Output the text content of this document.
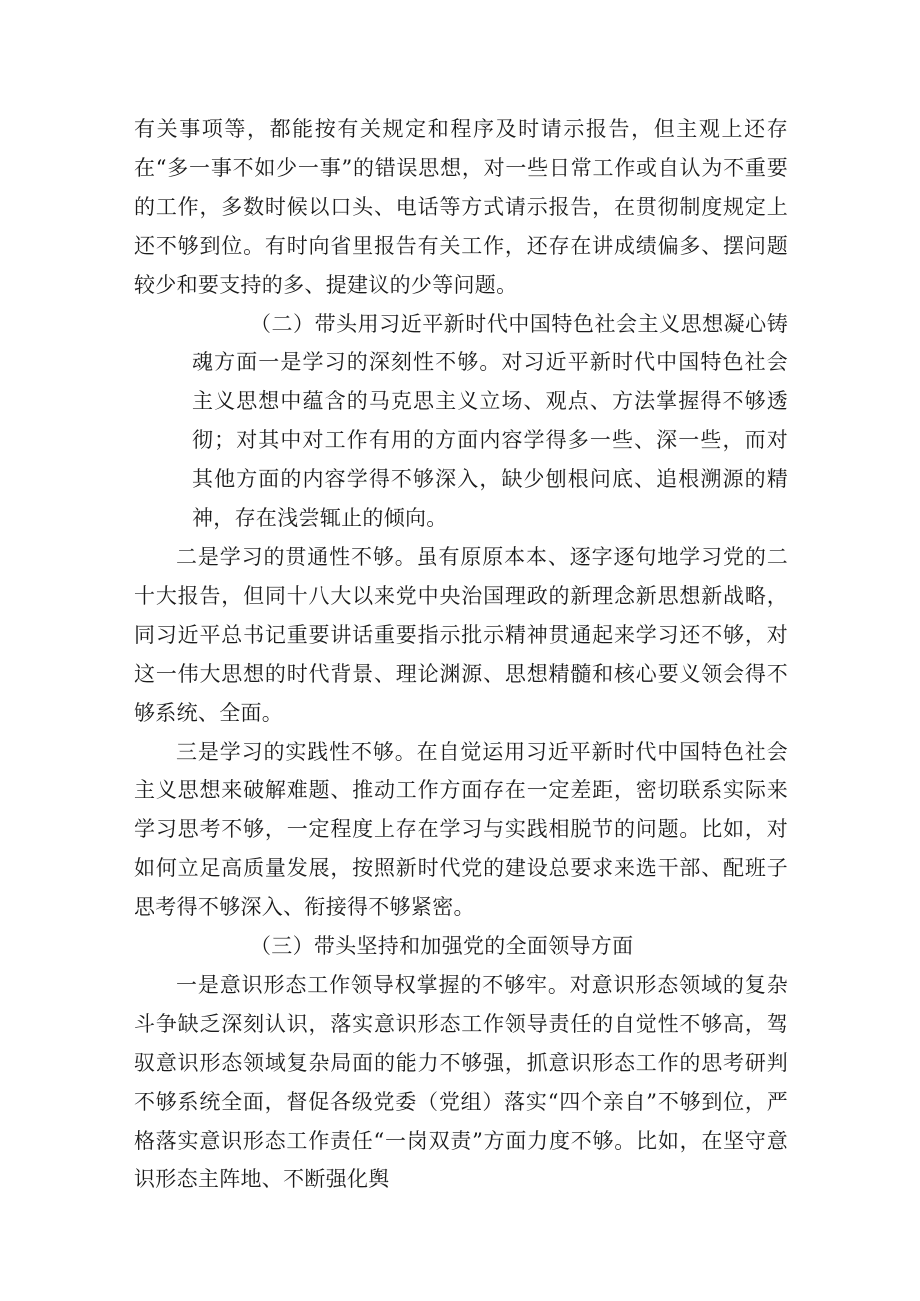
有关事项等，都能按有关规定和程序及时请示报告，但主观上还存在“多一事不如少一事”的错误思想，对一些日常工作或自认为不重要的工作，多数时候以口头、电话等方式请示报告，在贯彻制度规定上还不够到位。有时向省里报告有关工作，还存在讲成绩偏多、摆问题较少和要支持的多、提建议的少等问题。

（二）带头用习近平新时代中国特色社会主义思想凝心铸魂方面一是学习的深刻性不够。对习近平新时代中国特色社会主义思想中蕴含的马克思主义立场、观点、方法掌握得不够透彻；对其中对工作有用的方面内容学得多一些、深一些，而对其他方面的内容学得不够深入，缺少刨根问底、追根溯源的精神，存在浅尝辄止的倾向。

二是学习的贯通性不够。虽有原原本本、逐字逐句地学习党的二十大报告，但同十八大以来党中央治国理政的新理念新思想新战略，同习近平总书记重要讲话重要指示批示精神贯通起来学习还不够，对这一伟大思想的时代背景、理论渊源、思想精髓和核心要义领会得不够系统、全面。

三是学习的实践性不够。在自觉运用习近平新时代中国特色社会主义思想来破解难题、推动工作方面存在一定差距，密切联系实际来学习思考不够，一定程度上存在学习与实践相脱节的问题。比如，对如何立足高质量发展，按照新时代党的建设总要求来选干部、配班子思考得不够深入、衔接得不够紧密。

（三）带头坚持和加强党的全面领导方面

一是意识形态工作领导权掌握的不够牢。对意识形态领域的复杂斗争缺乏深刻认识，落实意识形态工作领导责任的自觉性不够高，驾驭意识形态领域复杂局面的能力不够强，抓意识形态工作的思考研判不够系统全面，督促各级党委（党组）落实“四个亲自”不够到位，严格落实意识形态工作责任“一岗双责”方面力度不够。比如，在坚守意识形态主阵地、不断强化舆
